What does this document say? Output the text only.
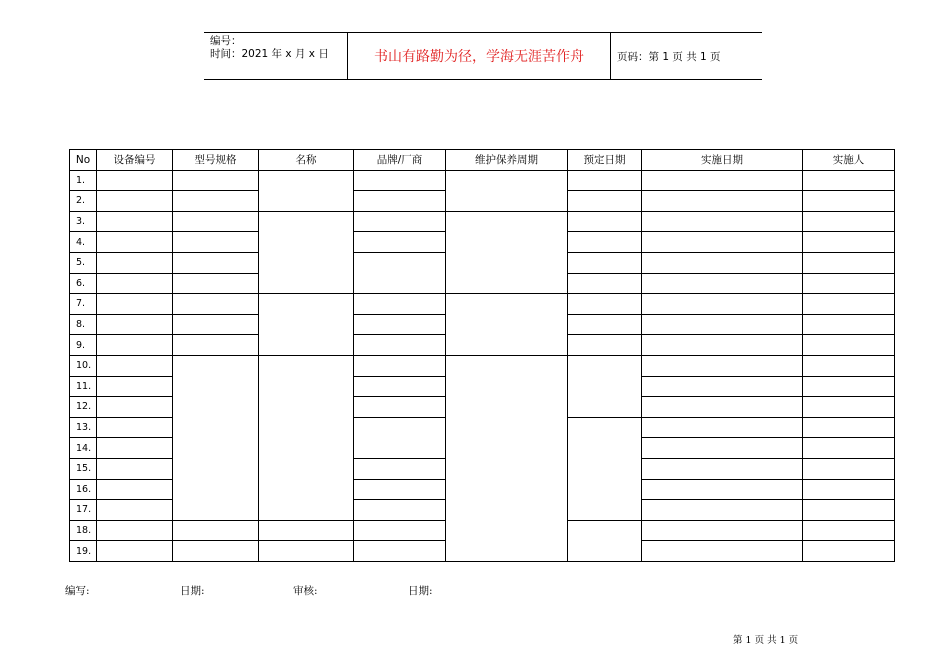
编号：
时间：2021 年 x 月 x 日	书山有路勤为径，学海无涯苦作舟	页码：第 1 页 共 1 页
No	设备编号	型号规格	名称	品牌/厂商	维护保养周期	预定日期	实施日期	实施人
1.								
2.								
3.								
4.								
5.								
6.								
7.								
8.								
9.								
10.								
11.								
12.								
13.								
14.								
15.								
16.								
17.								
18.								
19.								
编写:	日期:	审核:	日期:
第 1 页 共 1 页
